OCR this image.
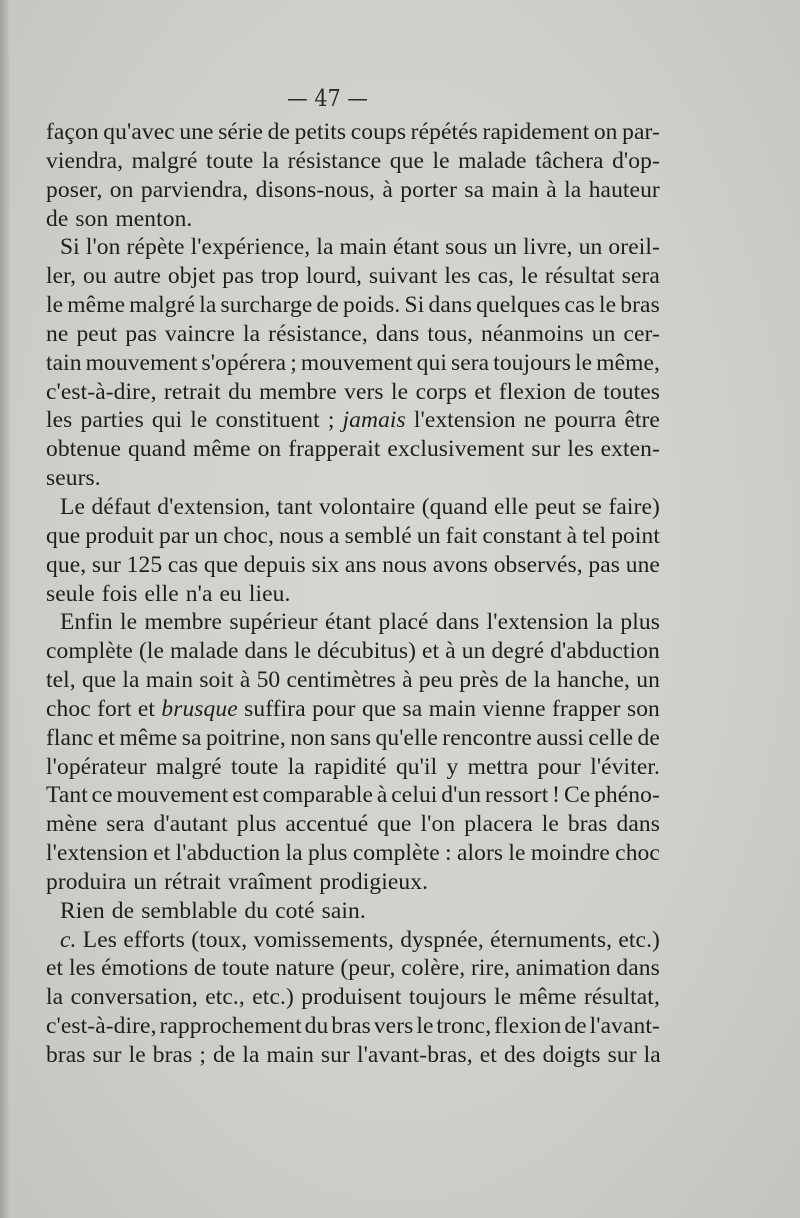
— 47 —
façon qu'avec une série de petits coups répétés rapidement on par-
viendra, malgré toute la résistance que le malade tâchera d'op-
poser, on parviendra, disons-nous, à porter sa main à la hauteur
de son menton.
Si l'on répète l'expérience, la main étant sous un livre, un oreil-
ler, ou autre objet pas trop lourd, suivant les cas, le résultat sera
le même malgré la surcharge de poids. Si dans quelques cas le bras
ne peut pas vaincre la résistance, dans tous, néanmoins un cer-
tain mouvement s'opérera ; mouvement qui sera toujours le même,
c'est-à-dire, retrait du membre vers le corps et flexion de toutes
les parties qui le constituent ; jamais l'extension ne pourra être
obtenue quand même on frapperait exclusivement sur les exten-
seurs.
Le défaut d'extension, tant volontaire (quand elle peut se faire)
que produit par un choc, nous a semblé un fait constant à tel point
que, sur 125 cas que depuis six ans nous avons observés, pas une
seule fois elle n'a eu lieu.
Enfin le membre supérieur étant placé dans l'extension la plus
complète (le malade dans le décubitus) et à un degré d'abduction
tel, que la main soit à 50 centimètres à peu près de la hanche, un
choc fort et brusque suffira pour que sa main vienne frapper son
flanc et même sa poitrine, non sans qu'elle rencontre aussi celle de
l'opérateur malgré toute la rapidité qu'il y mettra pour l'éviter.
Tant ce mouvement est comparable à celui d'un ressort ! Ce phéno-
mène sera d'autant plus accentué que l'on placera le bras dans
l'extension et l'abduction la plus complète : alors le moindre choc
produira un rétrait vraîment prodigieux.
Rien de semblable du coté sain.
c. Les efforts (toux, vomissements, dyspnée, éternuments, etc.)
et les émotions de toute nature (peur, colère, rire, animation dans
la conversation, etc., etc.) produisent toujours le même résultat,
c'est-à-dire, rapprochement du bras vers le tronc, flexion de l'avant-
bras sur le bras ; de la main sur l'avant-bras, et des doigts sur la
